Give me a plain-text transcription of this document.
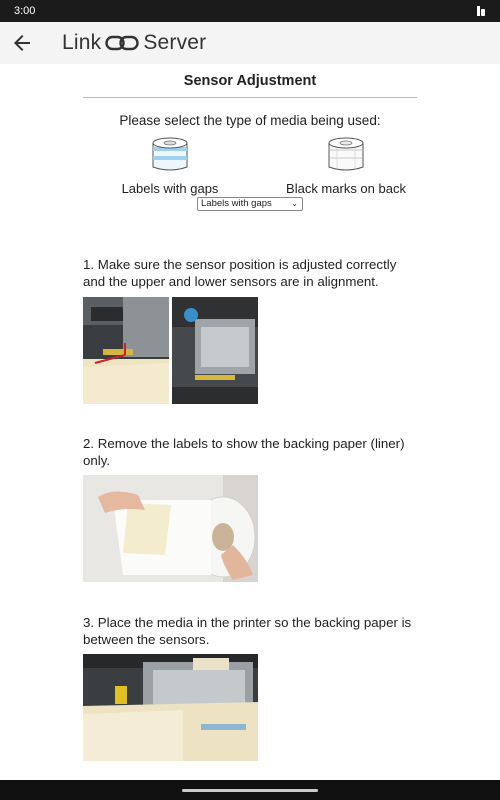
3:00
Link Server
Sensor Adjustment
Please select the type of media being used:
Labels with gaps	Black marks on back
Labels with gaps ⌄
1. Make sure the sensor position is adjusted correctly and the upper and lower sensors are in alignment.
2. Remove the labels to show the backing paper (liner) only.
3. Place the media in the printer so the backing paper is between the sensors.
